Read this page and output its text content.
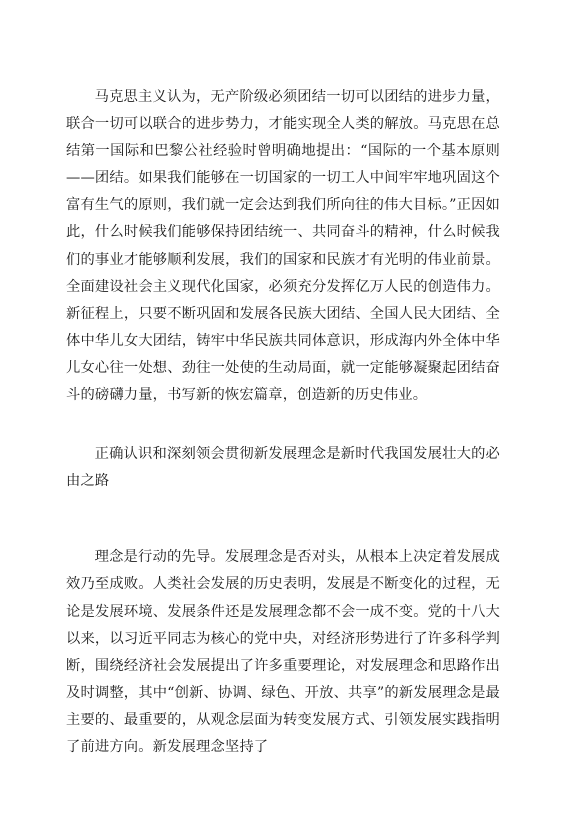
马克思主义认为，无产阶级必须团结一切可以团结的进步力量，联合一切可以联合的进步势力，才能实现全人类的解放。马克思在总结第一国际和巴黎公社经验时曾明确地提出：“国际的一个基本原则——团结。如果我们能够在一切国家的一切工人中间牢牢地巩固这个富有生气的原则，我们就一定会达到我们所向往的伟大目标。”正因如此，什么时候我们能够保持团结统一、共同奋斗的精神，什么时候我们的事业才能够顺利发展，我们的国家和民族才有光明的伟业前景。全面建设社会主义现代化国家，必须充分发挥亿万人民的创造伟力。新征程上，只要不断巩固和发展各民族大团结、全国人民大团结、全体中华儿女大团结，铸牢中华民族共同体意识，形成海内外全体中华儿女心往一处想、劲往一处使的生动局面，就一定能够凝聚起团结奋斗的磅礴力量，书写新的恢宏篇章，创造新的历史伟业。

正确认识和深刻领会贯彻新发展理念是新时代我国发展壮大的必由之路

理念是行动的先导。发展理念是否对头，从根本上决定着发展成效乃至成败。人类社会发展的历史表明，发展是不断变化的过程，无论是发展环境、发展条件还是发展理念都不会一成不变。党的十八大以来，以习近平同志为核心的党中央，对经济形势进行了许多科学判断，围绕经济社会发展提出了许多重要理论，对发展理念和思路作出及时调整，其中“创新、协调、绿色、开放、共享”的新发展理念是最主要的、最重要的，从观念层面为转变发展方式、引领发展实践指明了前进方向。新发展理念坚持了
